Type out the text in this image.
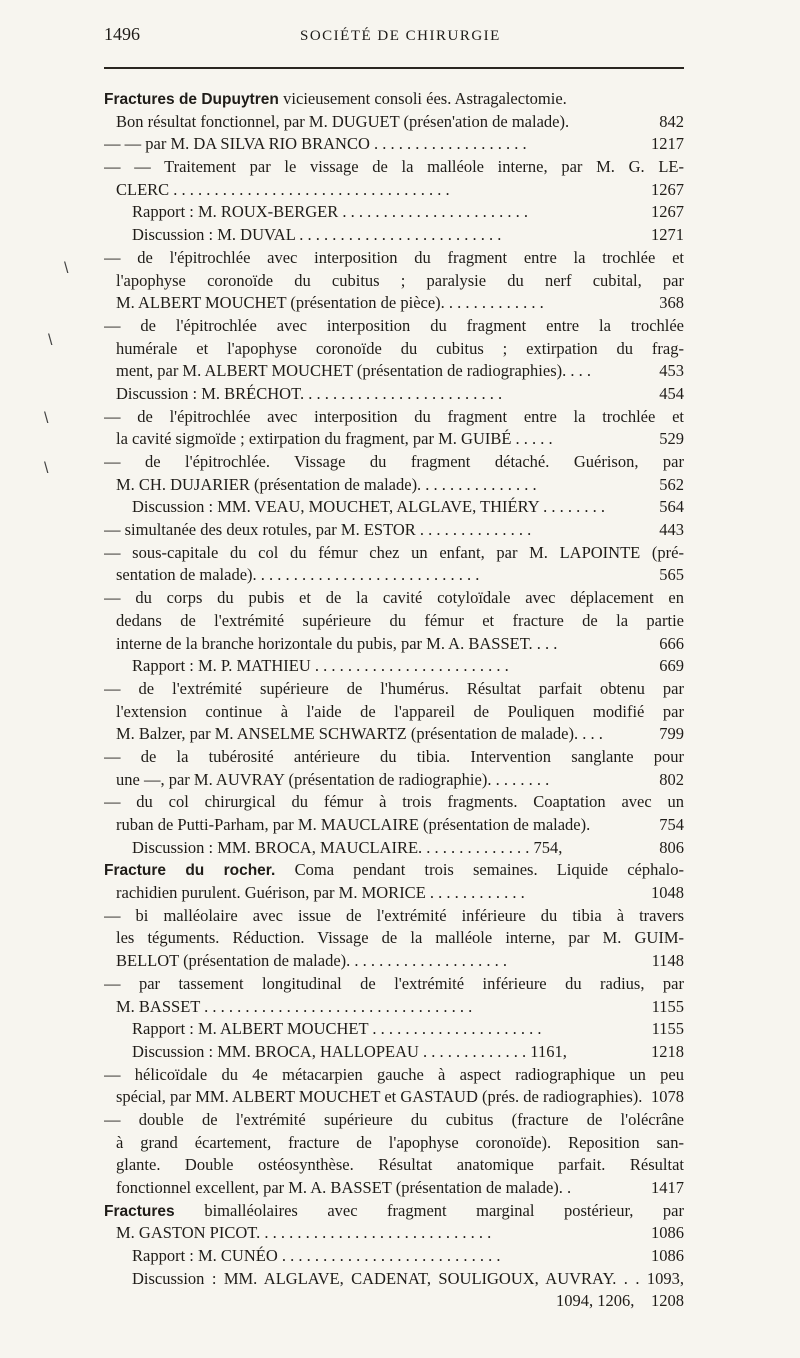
1496	SOCIÉTÉ DE CHIRURGIE
\
\
\
\
Fractures de Dupuytren vicieusement consoli ées. Astragalectomie.
Bon résultat fonctionnel, par M. DUGUET (présen'ation de malade).	842
— — par M. DA SILVA RIO BRANCO . . . . . . . . . . . . . . . . . . .	1217
— — Traitement par le vissage de la malléole interne, par M. G. LE-
CLERC . . . . . . . . . . . . . . . . . . . . . . . . . . . . . . . . . .	1267
Rapport : M. ROUX-BERGER . . . . . . . . . . . . . . . . . . . . . . .	1267
Discussion : M. DUVAL . . . . . . . . . . . . . . . . . . . . . . . . .	1271
— de l'épitrochlée avec interposition du fragment entre la trochlée et
l'apophyse coronoïde du cubitus ; paralysie du nerf cubital, par
M. ALBERT MOUCHET (présentation de pièce). . . . . . . . . . . . .	368
— de l'épitrochlée avec interposition du fragment entre la trochlée
humérale et l'apophyse coronoïde du cubitus ; extirpation du frag-
ment, par M. ALBERT MOUCHET (présentation de radiographies). . . .	453
Discussion : M. BRÉCHOT. . . . . . . . . . . . . . . . . . . . . . . . .	454
— de l'épitrochlée avec interposition du fragment entre la trochlée et
la cavité sigmoïde ; extirpation du fragment, par M. GUIBÉ . . . . .	529
— de l'épitrochlée. Vissage du fragment détaché. Guérison, par
M. CH. DUJARIER (présentation de malade). . . . . . . . . . . . . . .	562
Discussion : MM. VEAU, MOUCHET, ALGLAVE, THIÉRY . . . . . . . .	564
— simultanée des deux rotules, par M. ESTOR . . . . . . . . . . . . . .	443
— sous-capitale du col du fémur chez un enfant, par M. LAPOINTE (pré-
sentation de malade). . . . . . . . . . . . . . . . . . . . . . . . . . . .	565
— du corps du pubis et de la cavité cotyloïdale avec déplacement en
dedans de l'extrémité supérieure du fémur et fracture de la partie
interne de la branche horizontale du pubis, par M. A. BASSET. . . .	666
Rapport : M. P. MATHIEU . . . . . . . . . . . . . . . . . . . . . . . .	669
— de l'extrémité supérieure de l'humérus. Résultat parfait obtenu par
l'extension continue à l'aide de l'appareil de Pouliquen modifié par
M. Balzer, par M. ANSELME SCHWARTZ (présentation de malade). . . .	799
— de la tubérosité antérieure du tibia. Intervention sanglante pour
une —, par M. AUVRAY (présentation de radiographie). . . . . . . .	802
— du col chirurgical du fémur à trois fragments. Coaptation avec un
ruban de Putti-Parham, par M. MAUCLAIRE (présentation de malade).	754
Discussion : MM. BROCA, MAUCLAIRE. . . . . . . . . . . . . . 754,	806
Fracture du rocher. Coma pendant trois semaines. Liquide céphalo-
rachidien purulent. Guérison, par M. MORICE . . . . . . . . . . . .	1048
— bi malléolaire avec issue de l'extrémité inférieure du tibia à travers
les téguments. Réduction. Vissage de la malléole interne, par M. GUIM-
BELLOT (présentation de malade). . . . . . . . . . . . . . . . . . . .	1148
— par tassement longitudinal de l'extrémité inférieure du radius, par
M. BASSET . . . . . . . . . . . . . . . . . . . . . . . . . . . . . . . . .	1155
Rapport : M. ALBERT MOUCHET . . . . . . . . . . . . . . . . . . . . .	1155
Discussion : MM. BROCA, HALLOPEAU . . . . . . . . . . . . . 1161,	1218
— hélicoïdale du 4e métacarpien gauche à aspect radiographique un peu
spécial, par MM. ALBERT MOUCHET et GASTAUD (prés. de radiographies). 1078
— double de l'extrémité supérieure du cubitus (fracture de l'olécrâne
à grand écartement, fracture de l'apophyse coronoïde). Reposition san-
glante. Double ostéosynthèse. Résultat anatomique parfait. Résultat
fonctionnel excellent, par M. A. BASSET (présentation de malade). .	1417
Fractures bimalléolaires avec fragment marginal postérieur, par
M. GASTON PICOT. . . . . . . . . . . . . . . . . . . . . . . . . . . . .	1086
Rapport : M. CUNÉO . . . . . . . . . . . . . . . . . . . . . . . . . . .	1086
Discussion : MM. ALGLAVE, CADENAT, SOULIGOUX, AUVRAY. . . 1093,
1094, 1206,	1208
